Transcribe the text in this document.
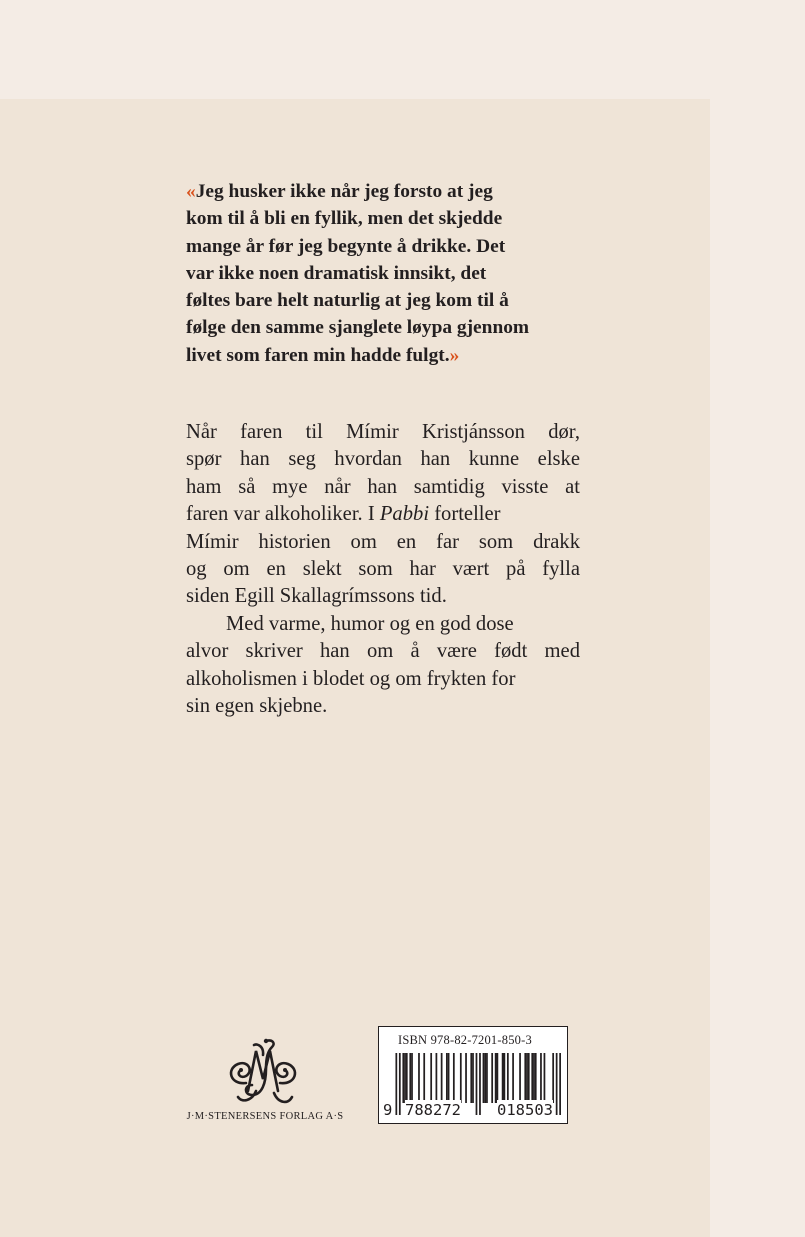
«Jeg husker ikke når jeg forsto at jeg
kom til å bli en fyllik, men det skjedde
mange år før jeg begynte å drikke. Det
var ikke noen dramatisk innsikt, det
føltes bare helt naturlig at jeg kom til å
følge den samme sjanglete løypa gjennom
livet som faren min hadde fulgt.»
Når faren til Mímir Kristjánsson dør,
spør han seg hvordan han kunne elske
ham så mye når han samtidig visste at
faren var alkoholiker. I Pabbi forteller
Mímir historien om en far som drakk
og om en slekt som har vært på fylla
siden Egill Skallagrímssons tid.
Med varme, humor og en god dose
alvor skriver han om å være født med
alkoholismen i blodet og om frykten for
sin egen skjebne.
J·M·STENERSENS FORLAG A·S
ISBN 978-82-7201-850-3
9 788272 018503
